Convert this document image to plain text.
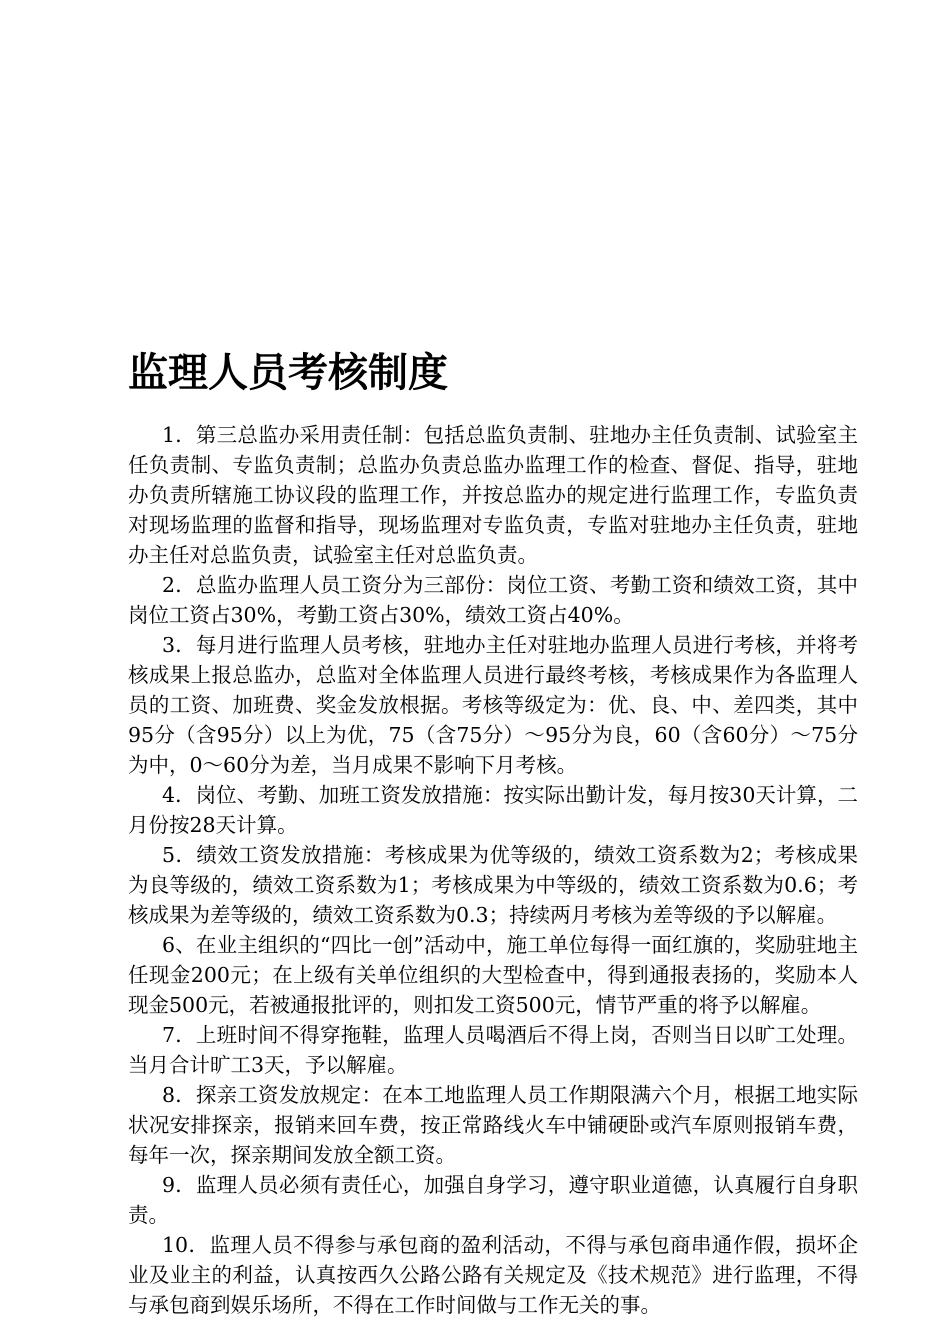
监理人员考核制度

1．第三总监办采用责任制：包括总监负责制、驻地办主任负责制、试验室主任负责制、专监负责制；总监办负责总监办监理工作的检查、督促、指导，驻地办负责所辖施工协议段的监理工作，并按总监办的规定进行监理工作，专监负责对现场监理的监督和指导，现场监理对专监负责，专监对驻地办主任负责，驻地办主任对总监负责，试验室主任对总监负责。

2．总监办监理人员工资分为三部份：岗位工资、考勤工资和绩效工资，其中岗位工资占30%，考勤工资占30%，绩效工资占40%。

3．每月进行监理人员考核，驻地办主任对驻地办监理人员进行考核，并将考核成果上报总监办，总监对全体监理人员进行最终考核，考核成果作为各监理人员的工资、加班费、奖金发放根据。考核等级定为：优、良、中、差四类，其中95分（含95分）以上为优，75（含75分）～95分为良，60（含60分）～75分为中，0～60分为差，当月成果不影响下月考核。

4．岗位、考勤、加班工资发放措施：按实际出勤计发，每月按30天计算，二月份按28天计算。

5．绩效工资发放措施：考核成果为优等级的，绩效工资系数为2；考核成果为良等级的，绩效工资系数为1；考核成果为中等级的，绩效工资系数为0.6；考核成果为差等级的，绩效工资系数为0.3；持续两月考核为差等级的予以解雇。

6、在业主组织的“四比一创”活动中，施工单位每得一面红旗的，奖励驻地主任现金200元；在上级有关单位组织的大型检查中，得到通报表扬的，奖励本人现金500元，若被通报批评的，则扣发工资500元，情节严重的将予以解雇。

7．上班时间不得穿拖鞋，监理人员喝酒后不得上岗，否则当日以旷工处理。当月合计旷工3天，予以解雇。

8．探亲工资发放规定：在本工地监理人员工作期限满六个月，根据工地实际状况安排探亲，报销来回车费，按正常路线火车中铺硬卧或汽车原则报销车费，每年一次，探亲期间发放全额工资。

9．监理人员必须有责任心，加强自身学习，遵守职业道德，认真履行自身职责。

10．监理人员不得参与承包商的盈利活动，不得与承包商串通作假，损坏企业及业主的利益，认真按西久公路公路有关规定及《技术规范》进行监理，不得与承包商到娱乐场所，不得在工作时间做与工作无关的事。
